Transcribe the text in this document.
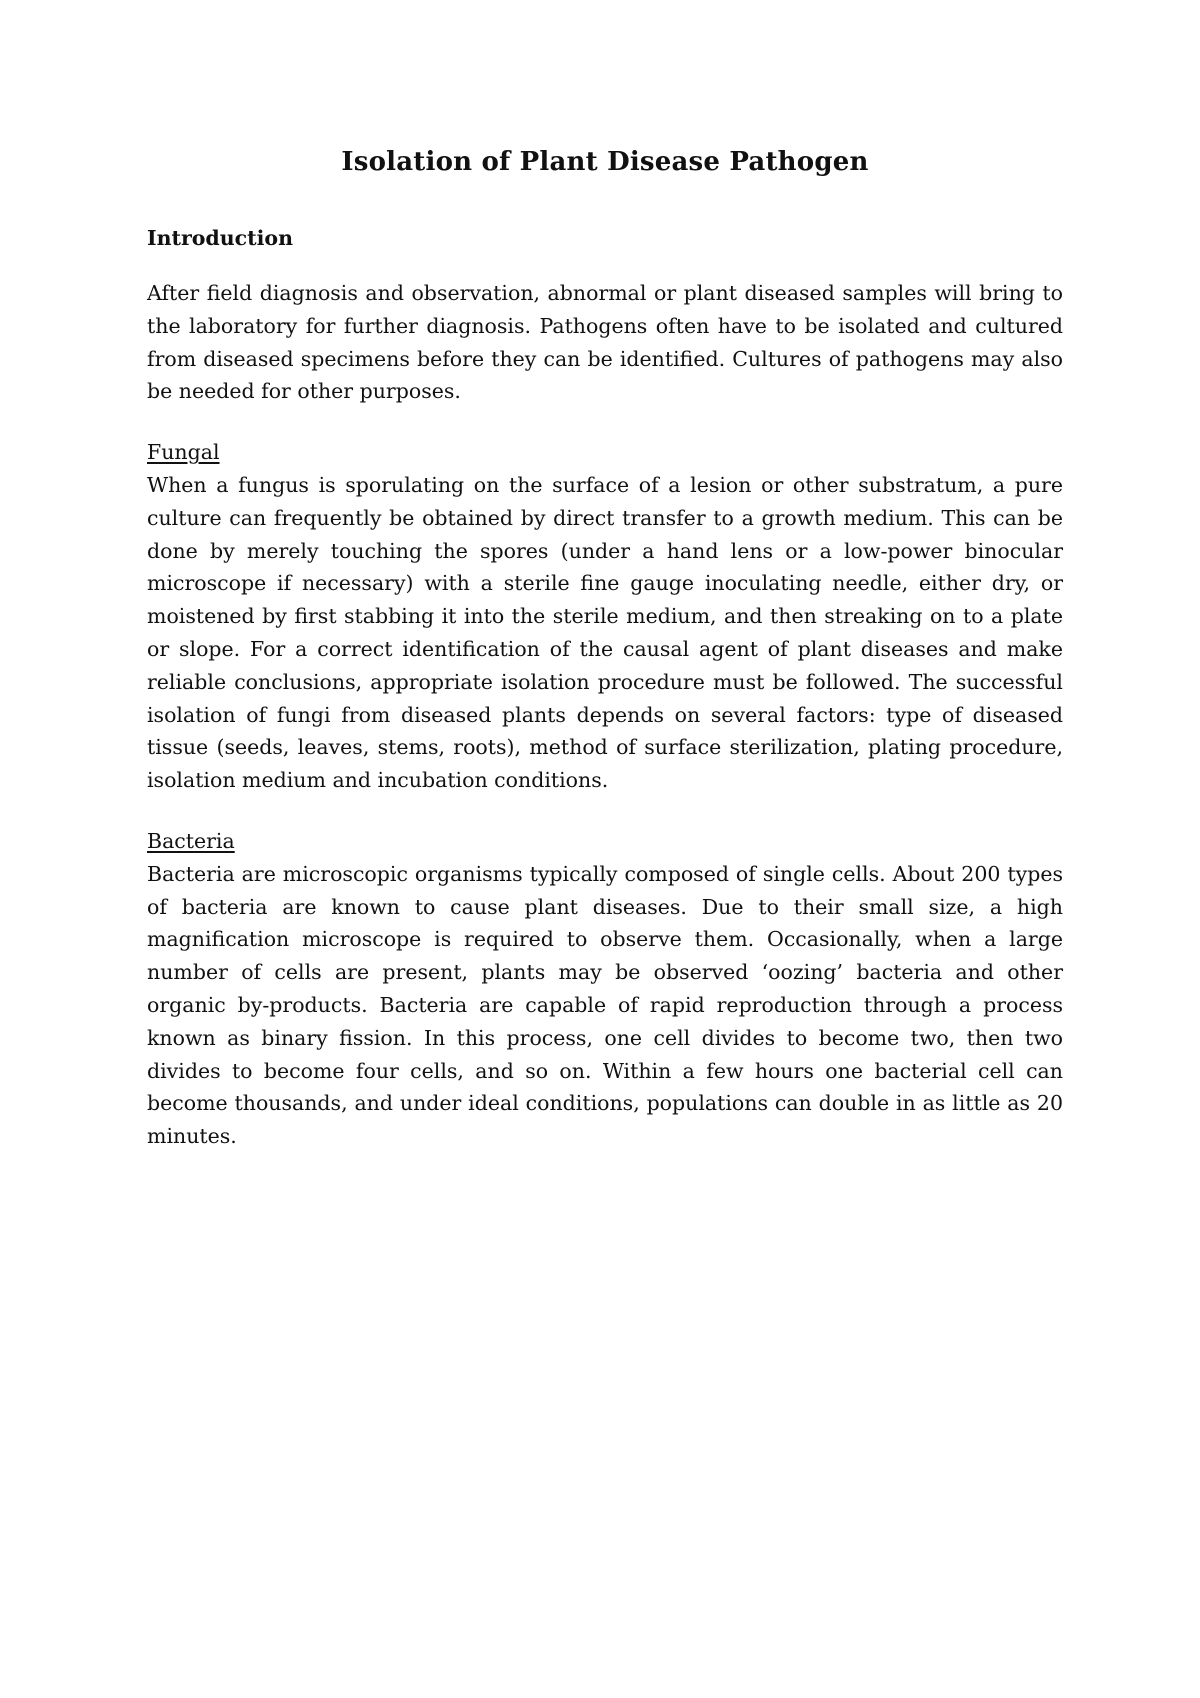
Isolation of Plant Disease Pathogen
Introduction

After field diagnosis and observation, abnormal or plant diseased samples will bring to the laboratory for further diagnosis. Pathogens often have to be isolated and cultured from diseased specimens before they can be identified. Cultures of pathogens may also be needed for other purposes.

Fungal

When a fungus is sporulating on the surface of a lesion or other substratum, a pure culture can frequently be obtained by direct transfer to a growth medium. This can be done by merely touching the spores (under a hand lens or a low-power binocular microscope if necessary) with a sterile fine gauge inoculating needle, either dry, or moistened by first stabbing it into the sterile medium, and then streaking on to a plate or slope. For a correct identification of the causal agent of plant diseases and make reliable conclusions, appropriate isolation procedure must be followed. The successful isolation of fungi from diseased plants depends on several factors: type of diseased tissue (seeds, leaves, stems, roots), method of surface sterilization, plating procedure, isolation medium and incubation conditions.

Bacteria

Bacteria are microscopic organisms typically composed of single cells. About 200 types of bacteria are known to cause plant diseases. Due to their small size, a high magnification microscope is required to observe them. Occasionally, when a large number of cells are present, plants may be observed ‘oozing’ bacteria and other organic by-products. Bacteria are capable of rapid reproduction through a process known as binary fission. In this process, one cell divides to become two, then two divides to become four cells, and so on. Within a few hours one bacterial cell can become thousands, and under ideal conditions, populations can double in as little as 20 minutes.
